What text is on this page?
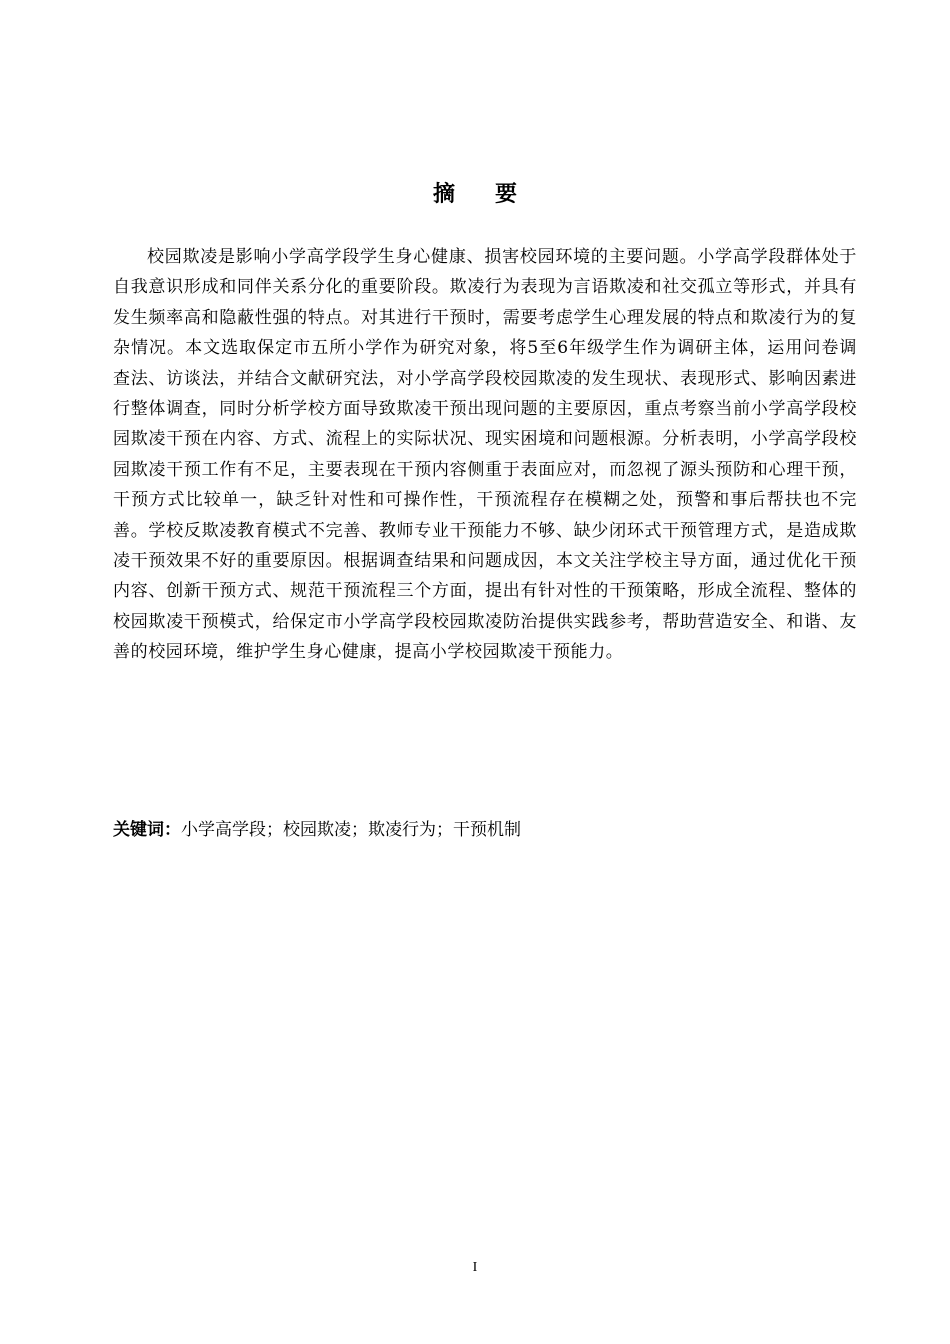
摘要

校园欺凌是影响小学高学段学生身心健康、损害校园环境的主要问题。小学高学段群体处于自我意识形成和同伴关系分化的重要阶段。欺凌行为表现为言语欺凌和社交孤立等形式，并具有发生频率高和隐蔽性强的特点。对其进行干预时，需要考虑学生心理发展的特点和欺凌行为的复杂情况。本文选取保定市五所小学作为研究对象，将5至6年级学生作为调研主体，运用问卷调查法、访谈法，并结合文献研究法，对小学高学段校园欺凌的发生现状、表现形式、影响因素进行整体调查，同时分析学校方面导致欺凌干预出现问题的主要原因，重点考察当前小学高学段校园欺凌干预在内容、方式、流程上的实际状况、现实困境和问题根源。分析表明，小学高学段校园欺凌干预工作有不足，主要表现在干预内容侧重于表面应对，而忽视了源头预防和心理干预，干预方式比较单一，缺乏针对性和可操作性，干预流程存在模糊之处，预警和事后帮扶也不完善。学校反欺凌教育模式不完善、教师专业干预能力不够、缺少闭环式干预管理方式，是造成欺凌干预效果不好的重要原因。根据调查结果和问题成因，本文关注学校主导方面，通过优化干预内容、创新干预方式、规范干预流程三个方面，提出有针对性的干预策略，形成全流程、整体的校园欺凌干预模式，给保定市小学高学段校园欺凌防治提供实践参考，帮助营造安全、和谐、友善的校园环境，维护学生身心健康，提高小学校园欺凌干预能力。

关键词：小学高学段；校园欺凌；欺凌行为；干预机制
I
